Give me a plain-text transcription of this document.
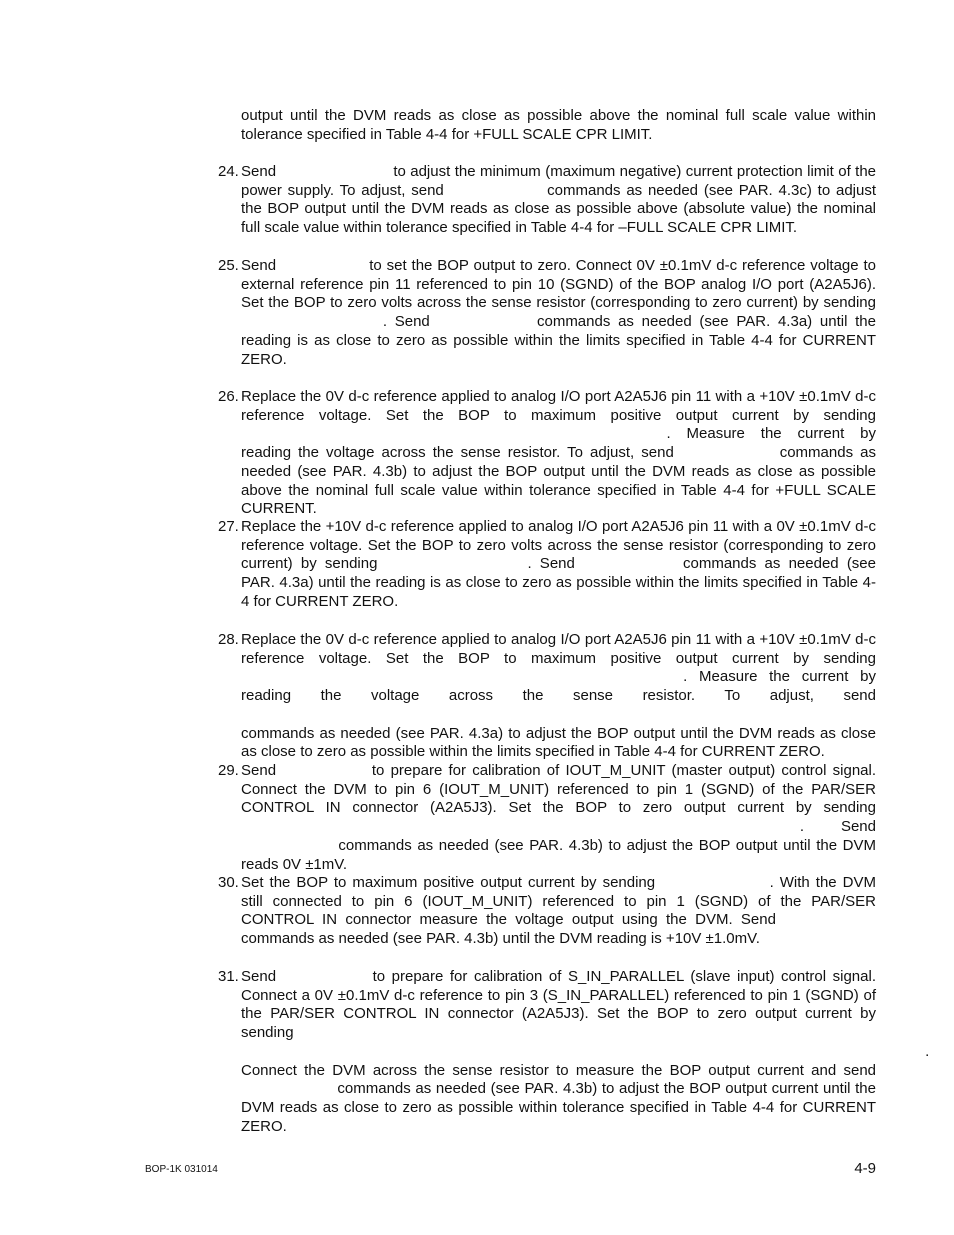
output until the DVM reads as close as possible above the nominal full scale value within tolerance specified in Table 4-4 for +FULL SCALE CPR LIMIT.

24. Send               to adjust the minimum (maximum negative) current protection limit of the power supply. To adjust, send             commands as needed (see PAR. 4.3c) to adjust the BOP output until the DVM reads as close as possible above (absolute value) the nominal full scale value within tolerance specified in Table 4-4 for –FULL SCALE CPR LIMIT.
25. Send            to set the BOP output to zero. Connect 0V ±0.1mV d-c reference voltage to external reference pin 11 referenced to pin 10 (SGND) of the BOP analog I/O port (A2A5J6). Set the BOP to zero volts across the sense resistor (corresponding to zero current) by sending                  . Send             commands as needed (see PAR. 4.3a) until the reading is as close to zero as possible within the limits specified in Table 4-4 for CURRENT ZERO.
26. Replace the 0V d-c reference applied to analog I/O port A2A5J6 pin 11 with a +10V ±0.1mV d-c reference voltage. Set the BOP to maximum positive output current by sending                                                    . Measure the current by reading the voltage across the sense resistor. To adjust, send             commands as needed (see PAR. 4.3b) to adjust the BOP output until the DVM reads as close as possible above the nominal full scale value within tolerance specified in Table 4-4 for +FULL SCALE CURRENT.
27. Replace the +10V d-c reference applied to analog I/O port A2A5J6 pin 11 with a 0V ±0.1mV d-c reference voltage. Set the BOP to zero volts across the sense resistor (corresponding to zero current) by sending                  . Send             commands as needed (see PAR. 4.3a) until the reading is as close to zero as possible within the limits specified in Table 4-4 for CURRENT ZERO.
28. Replace the 0V d-c reference applied to analog I/O port A2A5J6 pin 11 with a +10V ±0.1mV d-c reference voltage. Set the BOP to maximum positive output current by sending                                                      . Measure the current by reading the voltage across the sense resistor. To adjust, send                                                                               commands as needed (see PAR. 4.3a) to adjust the BOP output until the DVM reads as close as close to zero as possible within the limits specified in Table 4-4 for CURRENT ZERO.
29. Send            to prepare for calibration of IOUT_M_UNIT (master output) control signal. Connect the DVM to pin 6 (IOUT_M_UNIT) referenced to pin 1 (SGND) of the PAR/SER CONTROL IN connector (A2A5J3). Set the BOP to zero output current by sending                                                                    . Send             commands as needed (see PAR. 4.3b) to adjust the BOP output until the DVM reads 0V ±1mV.
30. Set the BOP to maximum positive output current by sending              . With the DVM still connected to pin 6 (IOUT_M_UNIT) referenced to pin 1 (SGND) of the PAR/SER CONTROL IN connector measure the voltage output using the DVM. Send             commands as needed (see PAR. 4.3b) until the DVM reading is +10V ±1.0mV.
31. Send            to prepare for calibration of S_IN_PARALLEL (slave input) control signal. Connect a 0V ±0.1mV d-c reference to pin 3 (S_IN_PARALLEL) referenced to pin 1 (SGND) of the PAR/SER CONTROL IN connector (A2A5J3). Set the BOP to zero output current by sending                                                                                   . Connect the DVM across the sense resistor to measure the BOP output current and send             commands as needed (see PAR. 4.3b) to adjust the BOP output current until the DVM reads as close to zero as possible within tolerance specified in Table 4-4 for CURRENT ZERO.
BOP-1K 031014	4-9
